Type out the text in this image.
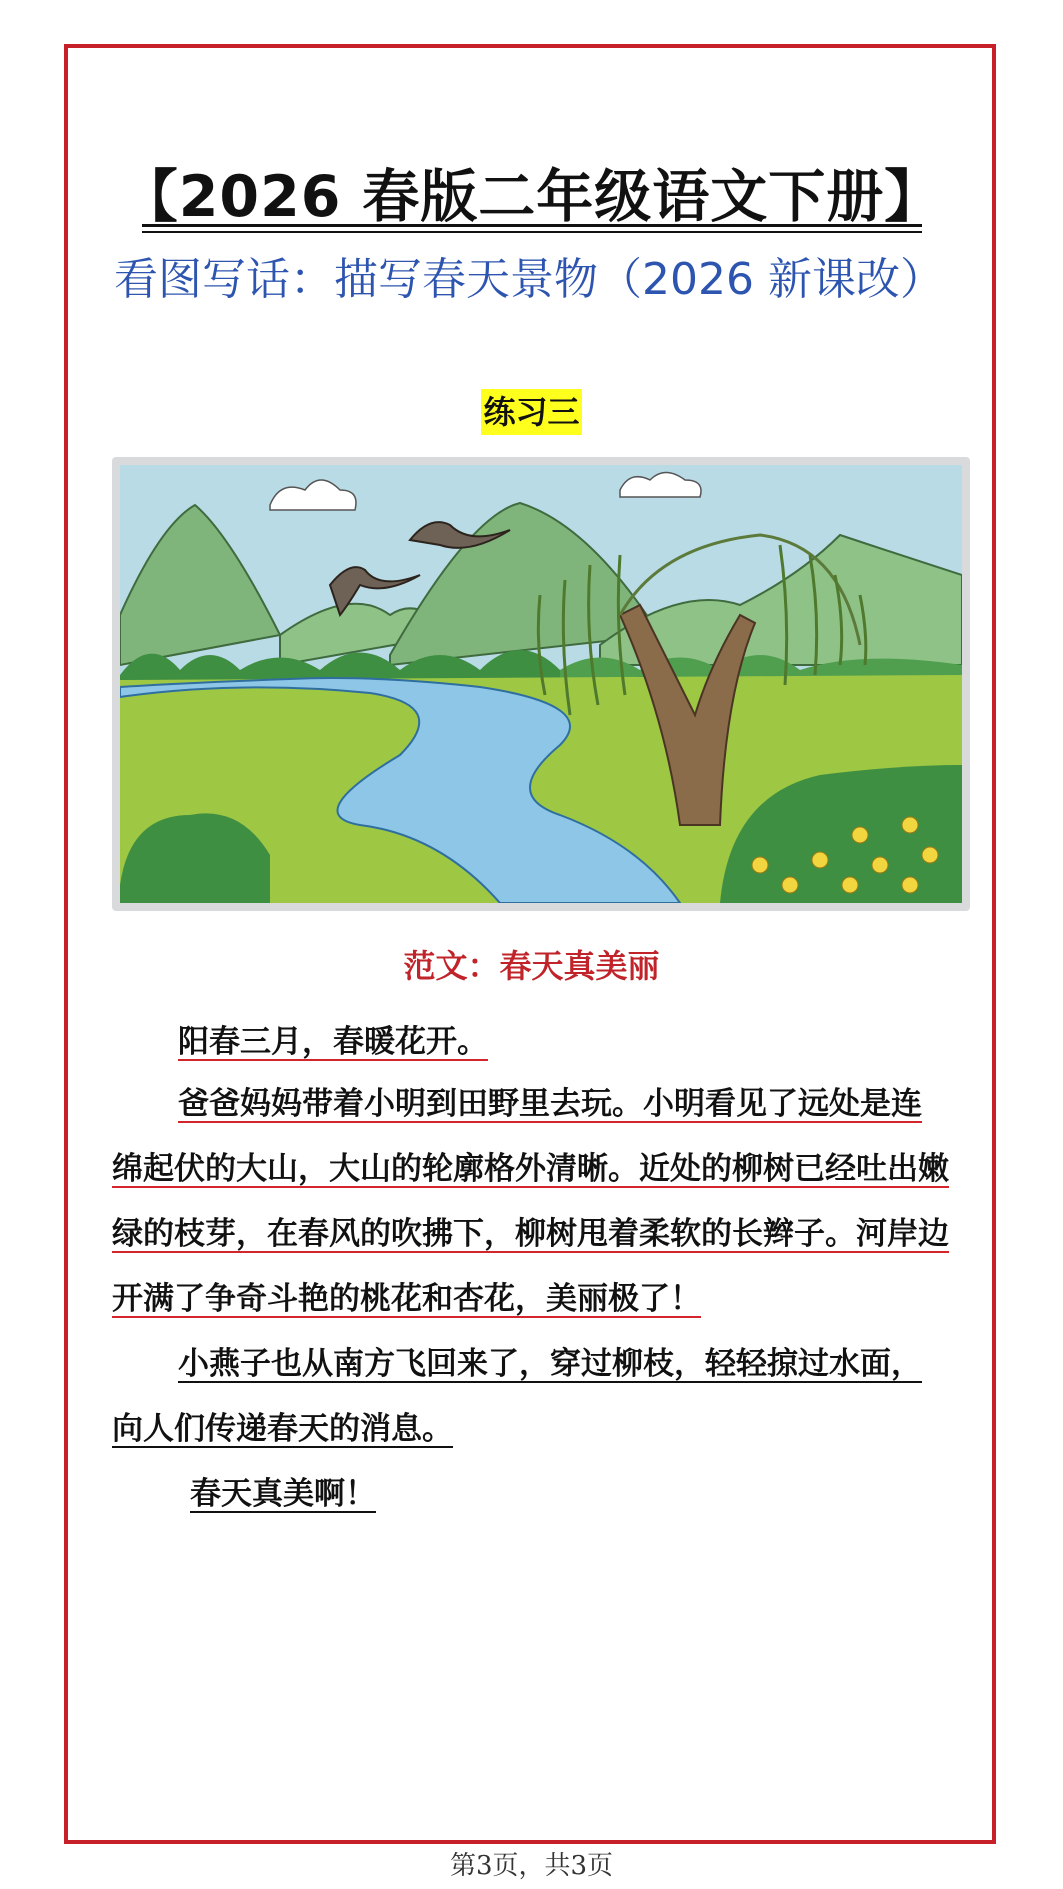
【2026 春版二年级语文下册】
看图写话：描写春天景物（2026 新课改）
练习三
范文：春天真美丽
阳春三月，春暖花开。
爸爸妈妈带着小明到田野里去玩。小明看见了远处是连绵起伏的大山，大山的轮廓格外清晰。近处的柳树已经吐出嫩绿的枝芽，在春风的吹拂下，柳树甩着柔软的长辫子。河岸边开满了争奇斗艳的桃花和杏花，美丽极了！
小燕子也从南方飞回来了，穿过柳枝，轻轻掠过水面，向人们传递春天的消息。
春天真美啊！
第3页，共3页
